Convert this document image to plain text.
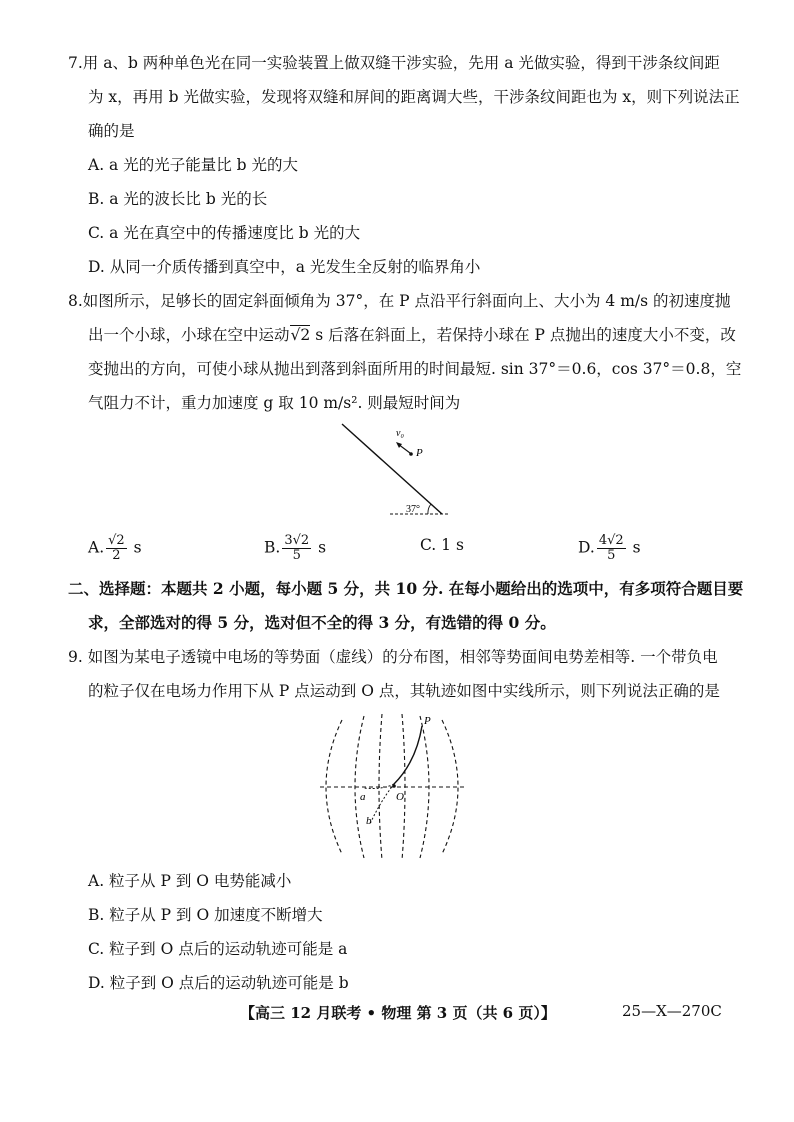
7.用 a、b 两种单色光在同一实验装置上做双缝干涉实验，先用 a 光做实验，得到干涉条纹间距
为 x，再用 b 光做实验，发现将双缝和屏间的距离调大些，干涉条纹间距也为 x，则下列说法正
确的是
A. a 光的光子能量比 b 光的大
B. a 光的波长比 b 光的长
C. a 光在真空中的传播速度比 b 光的大
D. 从同一介质传播到真空中，a 光发生全反射的临界角小
8.如图所示，足够长的固定斜面倾角为 37°，在 P 点沿平行斜面向上、大小为 4 m/s 的初速度抛
出一个小球，小球在空中运动√2 s 后落在斜面上，若保持小球在 P 点抛出的速度大小不变，改
变抛出的方向，可使小球从抛出到落到斜面所用的时间最短. sin 37°＝0.6，cos 37°＝0.8，空
气阻力不计，重力加速度 g 取 10 m/s². 则最短时间为
v₀
P
37°
A. $\frac{√2}{2}$ s	B. $\frac{3√2}{5}$ s	C. 1 s	D. $\frac{4√2}{5}$ s
二、选择题：本题共 2 小题，每小题 5 分，共 10 分. 在每小题给出的选项中，有多项符合题目要
求，全部选对的得 5 分，选对但不全的得 3 分，有选错的得 0 分。
9. 如图为某电子透镜中电场的等势面（虚线）的分布图，相邻等势面间电势差相等. 一个带负电
的粒子仅在电场力作用下从 P 点运动到 O 点，其轨迹如图中实线所示，则下列说法正确的是
P
O
a
b
A. 粒子从 P 到 O 电势能减小
B. 粒子从 P 到 O 加速度不断增大
C. 粒子到 O 点后的运动轨迹可能是 a
D. 粒子到 O 点后的运动轨迹可能是 b
【高三 12 月联考 • 物理 第 3 页（共 6 页）】	25—X—270C
